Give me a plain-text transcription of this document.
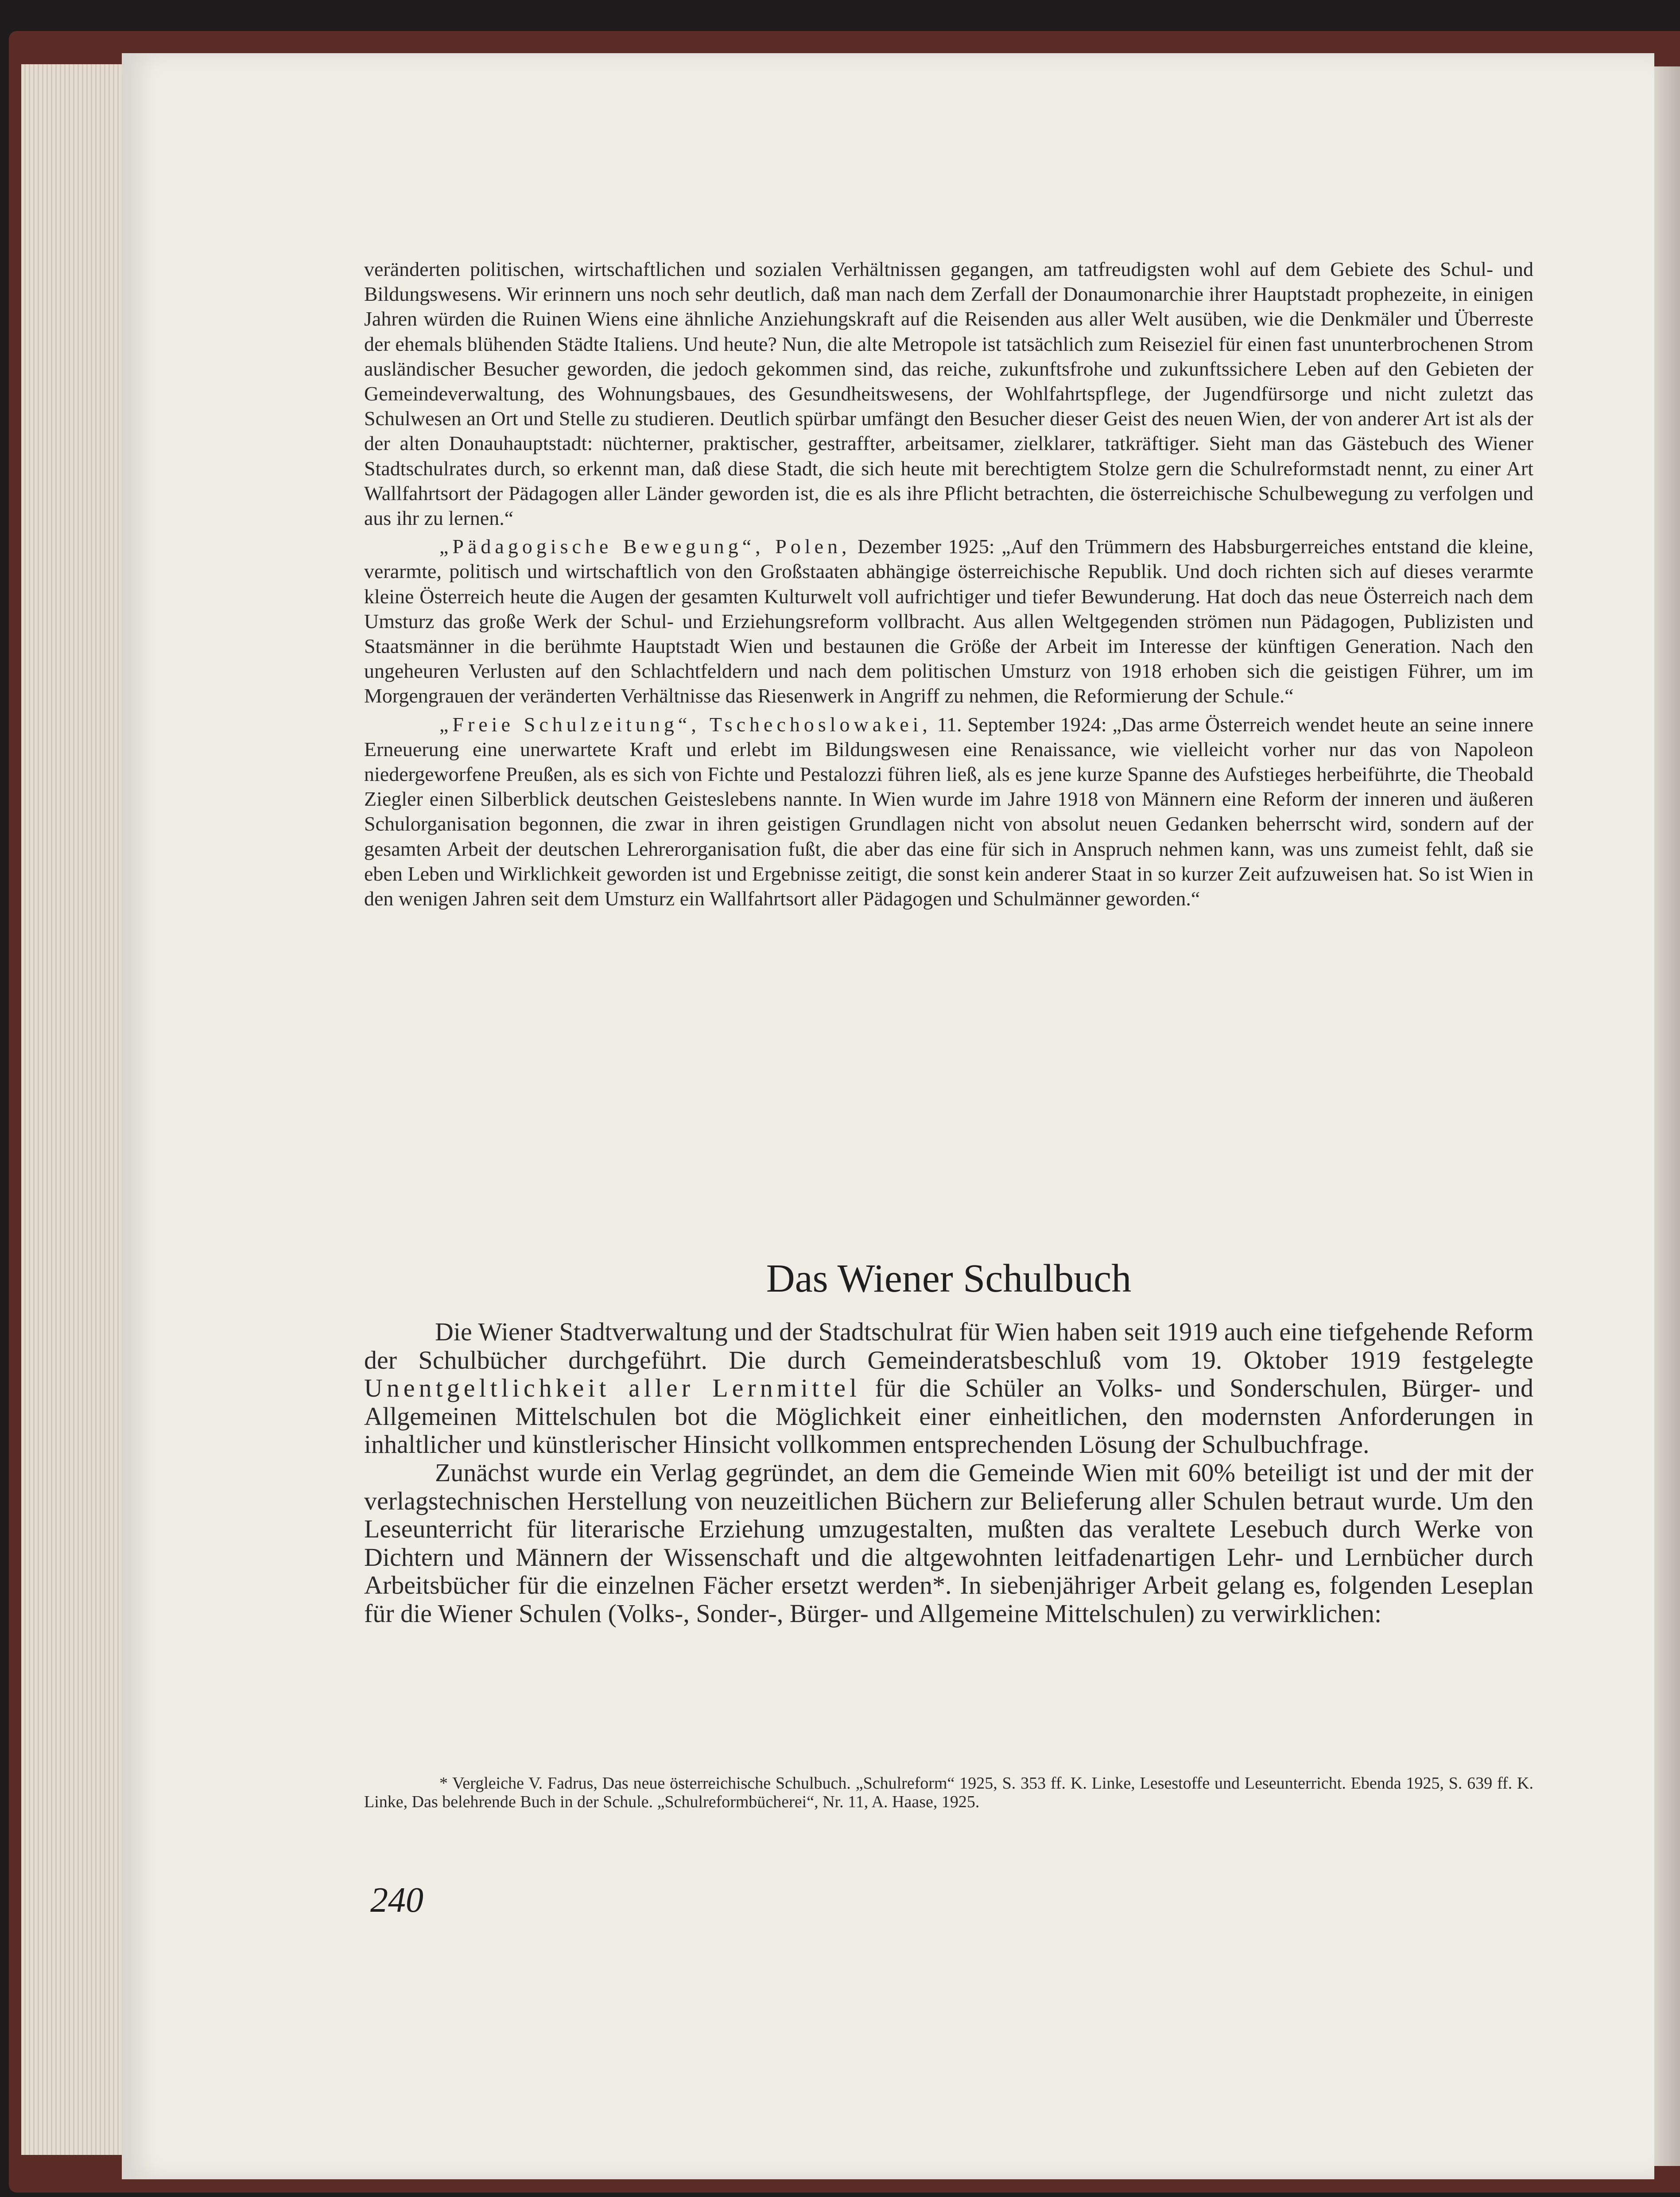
veränderten politischen, wirtschaftlichen und sozialen Verhältnissen gegangen, am tatfreudigsten wohl auf dem Gebiete des Schul- und Bildungswesens. Wir erinnern uns noch sehr deutlich, daß man nach dem Zerfall der Donaumonarchie ihrer Hauptstadt prophezeite, in einigen Jahren würden die Ruinen Wiens eine ähnliche Anziehungskraft auf die Reisenden aus aller Welt ausüben, wie die Denkmäler und Überreste der ehemals blühenden Städte Italiens. Und heute? Nun, die alte Metropole ist tatsächlich zum Reiseziel für einen fast ununterbrochenen Strom ausländischer Besucher geworden, die jedoch gekommen sind, das reiche, zukunftsfrohe und zukunftssichere Leben auf den Gebieten der Gemeindeverwaltung, des Wohnungsbaues, des Gesundheitswesens, der Wohlfahrtspflege, der Jugendfürsorge und nicht zuletzt das Schulwesen an Ort und Stelle zu studieren. Deutlich spürbar umfängt den Besucher dieser Geist des neuen Wien, der von anderer Art ist als der der alten Donauhauptstadt: nüchterner, praktischer, gestraffter, arbeitsamer, zielklarer, tatkräftiger. Sieht man das Gästebuch des Wiener Stadtschulrates durch, so erkennt man, daß diese Stadt, die sich heute mit berechtigtem Stolze gern die Schulreformstadt nennt, zu einer Art Wallfahrtsort der Pädagogen aller Länder geworden ist, die es als ihre Pflicht betrachten, die österreichische Schulbewegung zu verfolgen und aus ihr zu lernen.“

„Pädagogische Bewegung“, Polen, Dezember 1925: „Auf den Trümmern des Habsburgerreiches entstand die kleine, verarmte, politisch und wirtschaftlich von den Großstaaten abhängige österreichische Republik. Und doch richten sich auf dieses verarmte kleine Österreich heute die Augen der gesamten Kulturwelt voll aufrichtiger und tiefer Bewunderung. Hat doch das neue Österreich nach dem Umsturz das große Werk der Schul- und Erziehungsreform vollbracht. Aus allen Weltgegenden strömen nun Pädagogen, Publizisten und Staatsmänner in die berühmte Hauptstadt Wien und bestaunen die Größe der Arbeit im Interesse der künftigen Generation. Nach den ungeheuren Verlusten auf den Schlachtfeldern und nach dem politischen Umsturz von 1918 erhoben sich die geistigen Führer, um im Morgengrauen der veränderten Verhältnisse das Riesenwerk in Angriff zu nehmen, die Reformierung der Schule.“

„Freie Schulzeitung“, Tschechoslowakei, 11. September 1924: „Das arme Österreich wendet heute an seine innere Erneuerung eine unerwartete Kraft und erlebt im Bildungswesen eine Renaissance, wie vielleicht vorher nur das von Napoleon niedergeworfene Preußen, als es sich von Fichte und Pestalozzi führen ließ, als es jene kurze Spanne des Aufstieges herbeiführte, die Theobald Ziegler einen Silberblick deutschen Geisteslebens nannte. In Wien wurde im Jahre 1918 von Männern eine Reform der inneren und äußeren Schulorganisation begonnen, die zwar in ihren geistigen Grundlagen nicht von absolut neuen Gedanken beherrscht wird, sondern auf der gesamten Arbeit der deutschen Lehrerorganisation fußt, die aber das eine für sich in Anspruch nehmen kann, was uns zumeist fehlt, daß sie eben Leben und Wirklichkeit geworden ist und Ergebnisse zeitigt, die sonst kein anderer Staat in so kurzer Zeit aufzuweisen hat. So ist Wien in den wenigen Jahren seit dem Umsturz ein Wallfahrtsort aller Pädagogen und Schulmänner geworden.“

Das Wiener Schulbuch

Die Wiener Stadtverwaltung und der Stadtschulrat für Wien haben seit 1919 auch eine tiefgehende Reform der Schulbücher durchgeführt. Die durch Gemeinderatsbeschluß vom 19. Oktober 1919 festgelegte Unentgeltlichkeit aller Lernmittel für die Schüler an Volks- und Sonderschulen, Bürger- und Allgemeinen Mittelschulen bot die Möglichkeit einer einheitlichen, den modernsten Anforderungen in inhaltlicher und künstlerischer Hinsicht vollkommen entsprechenden Lösung der Schulbuchfrage.

Zunächst wurde ein Verlag gegründet, an dem die Gemeinde Wien mit 60% beteiligt ist und der mit der verlagstechnischen Herstellung von neuzeitlichen Büchern zur Belieferung aller Schulen betraut wurde. Um den Leseunterricht für literarische Erziehung umzugestalten, mußten das veraltete Lesebuch durch Werke von Dichtern und Männern der Wissenschaft und die altgewohnten leitfadenartigen Lehr- und Lernbücher durch Arbeitsbücher für die einzelnen Fächer ersetzt werden*. In siebenjähriger Arbeit gelang es, folgenden Leseplan für die Wiener Schulen (Volks-, Sonder-, Bürger- und Allgemeine Mittelschulen) zu verwirklichen:

* Vergleiche V. Fadrus, Das neue österreichische Schulbuch. „Schulreform“ 1925, S. 353 ff. K. Linke, Lesestoffe und Leseunterricht. Ebenda 1925, S. 639 ff. K. Linke, Das belehrende Buch in der Schule. „Schulreformbücherei“, Nr. 11, A. Haase, 1925.

240
